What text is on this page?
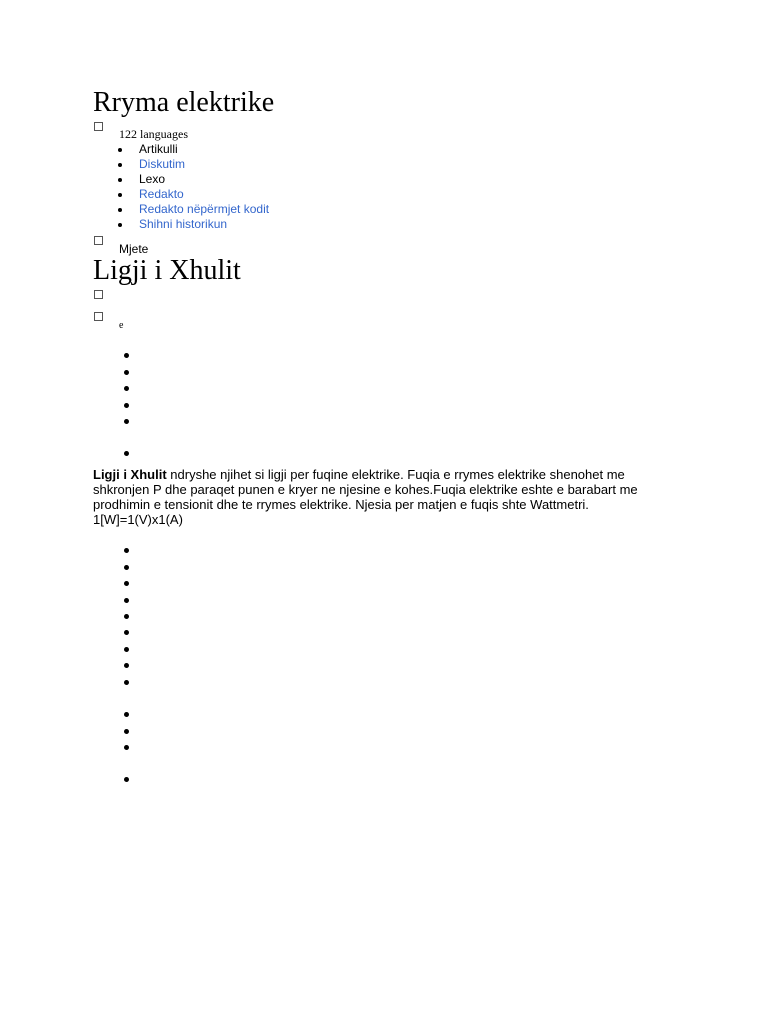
Rryma elektrike
122 languages
Artikulli
Diskutim
Lexo
Redakto
Redakto nëpërmjet kodit
Shihni historikun
Mjete
Ligji i Xhulit
e

Ligji i Xhulit ndryshe njihet si ligji per fuqine elektrike. Fuqia e rrymes elektrike shenohet me
shkronjen P dhe paraqet punen e kryer ne njesine e kohes.Fuqia elektrike eshte e barabart me
prodhimin e tensionit dhe te rrymes elektrike. Njesia per matjen e fuqis shte Wattmetri.
1[W]=1(V)x1(A)
